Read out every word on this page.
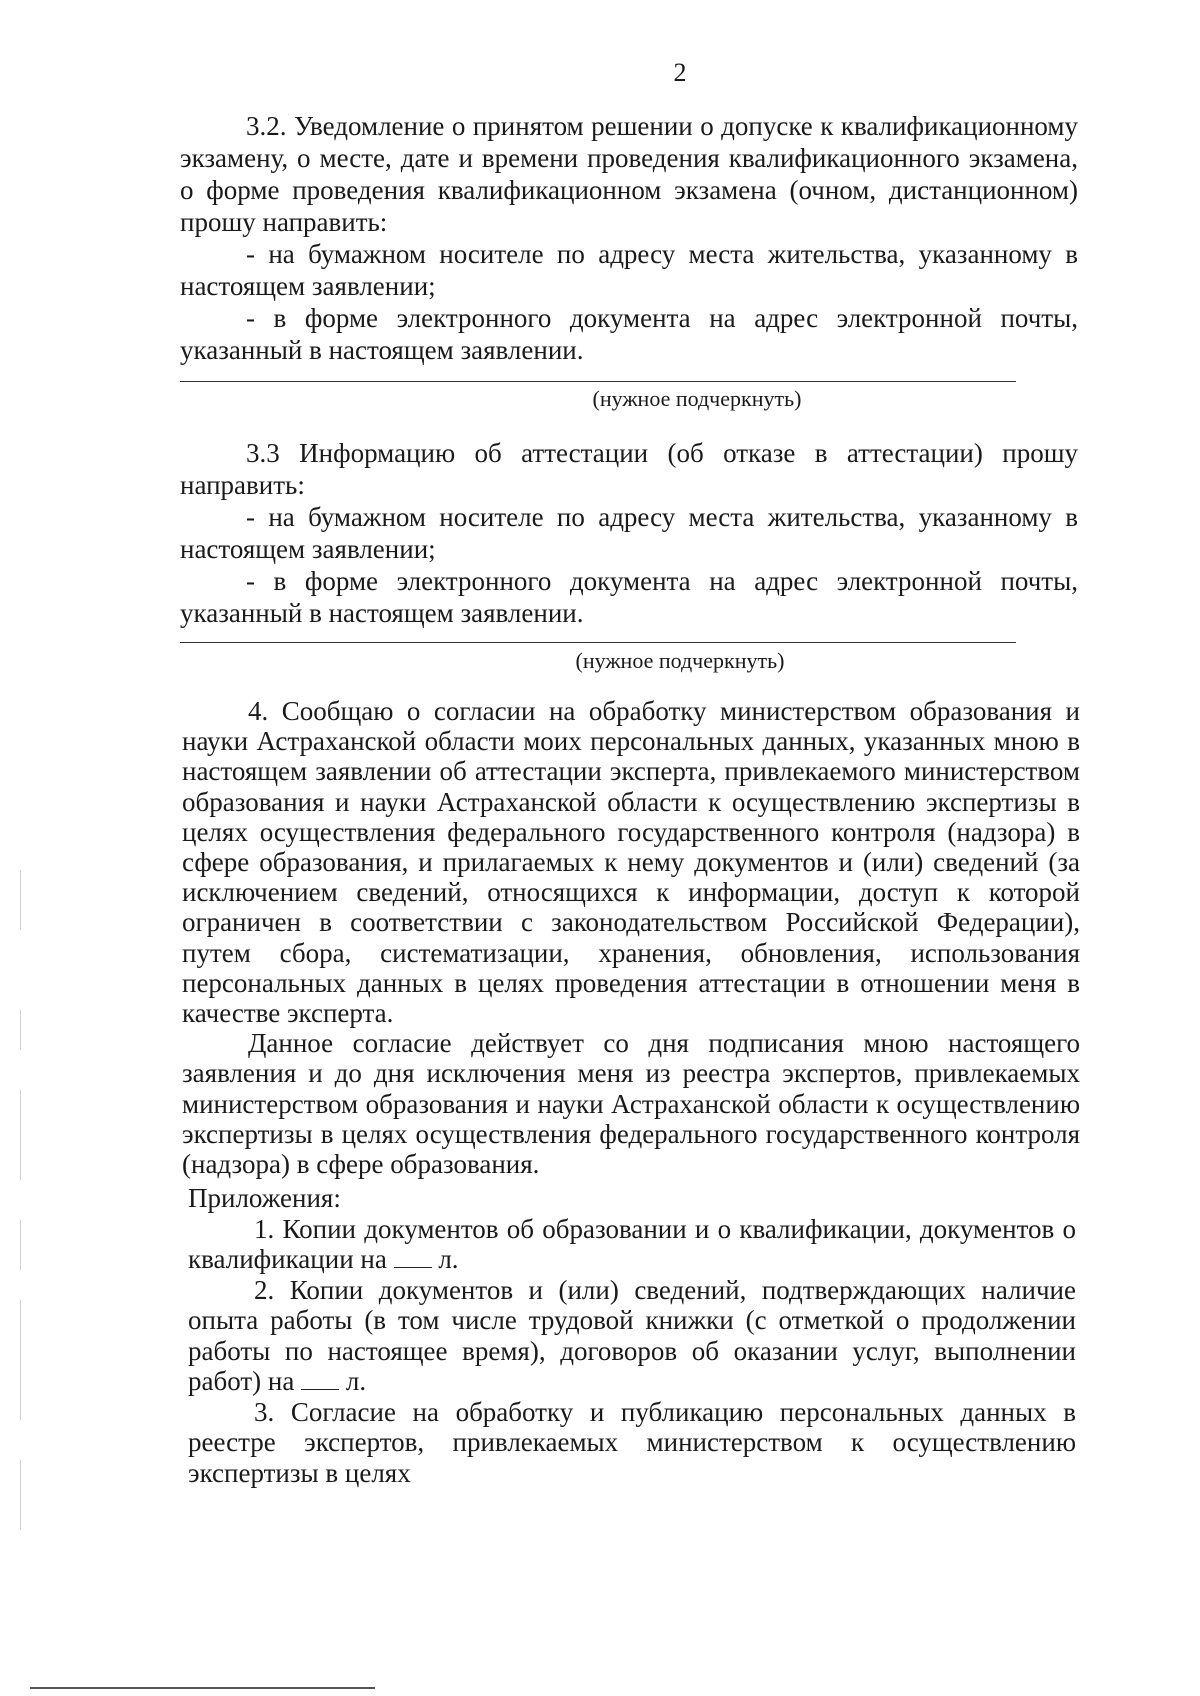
2

3.2. Уведомление о принятом решении о допуске к квалификационному экзамену, о месте, дате и времени проведения квалификационного экзамена, о форме проведения квалификационном экзамена (очном, дистанционном) прошу направить:

- на бумажном носителе по адресу места жительства, указанному в настоящем заявлении;

- в форме электронного документа на адрес электронной почты, указанный в настоящем заявлении.

(нужное подчеркнуть)

3.3 Информацию об аттестации (об отказе в аттестации) прошу направить:

- на бумажном носителе по адресу места жительства, указанному в настоящем заявлении;

- в форме электронного документа на адрес электронной почты, указанный в настоящем заявлении.

(нужное подчеркнуть)

4. Сообщаю о согласии на обработку министерством образования и науки Астраханской области моих персональных данных, указанных мною в настоящем заявлении об аттестации эксперта, привлекаемого министерством образования и науки Астраханской области к осуществлению экспертизы в целях осуществления федерального государственного контроля (надзора) в сфере образования, и прилагаемых к нему документов и (или) сведений (за исключением сведений, относящихся к информации, доступ к которой ограничен в соответствии с законодательством Российской Федерации), путем сбора, систематизации, хранения, обновления, использования персональных данных в целях проведения аттестации в отношении меня в качестве эксперта.

Данное согласие действует со дня подписания мною настоящего заявления и до дня исключения меня из реестра экспертов, привлекаемых министерством образования и науки Астраханской области к осуществлению экспертизы в целях осуществления федерального государственного контроля (надзора) в сфере образования.

Приложения:

1. Копии документов об образовании и о квалификации, документов о квалификации на л.

2. Копии документов и (или) сведений, подтверждающих наличие опыта работы (в том числе трудовой книжки (с отметкой о продолжении работы по настоящее время), договоров об оказании услуг, выполнении работ) на л.

3. Согласие на обработку и публикацию персональных данных в реестре экспертов, привлекаемых министерством к осуществлению экспертизы в целях
